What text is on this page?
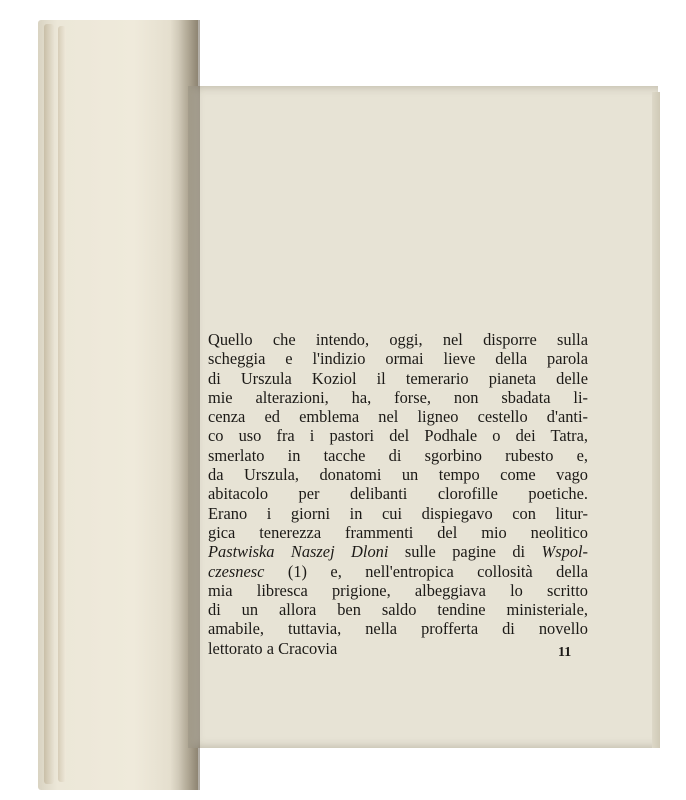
Quello che intendo, oggi, nel disporre sulla
scheggia e l'indizio ormai lieve della parola
di Urszula Koziol il temerario pianeta delle
mie alterazioni, ha, forse, non sbadata li-
cenza ed emblema nel ligneo cestello d'anti-
co uso fra i pastori del Podhale o dei Tatra,
smerlato in tacche di sgorbino rubesto e,
da Urszula, donatomi un tempo come vago
abitacolo per delibanti clorofille poetiche.
Erano i giorni in cui dispiegavo con litur-
gica tenerezza frammenti del mio neolitico
Pastwiska Naszej Dloni sulle pagine di Wspol-
czesnesc (1) e, nell'entropica collosità della
mia libresca prigione, albeggiava lo scritto
di un allora ben saldo tendine ministeriale,
amabile, tuttavia, nella profferta di novello
lettorato a Cracovia	11
